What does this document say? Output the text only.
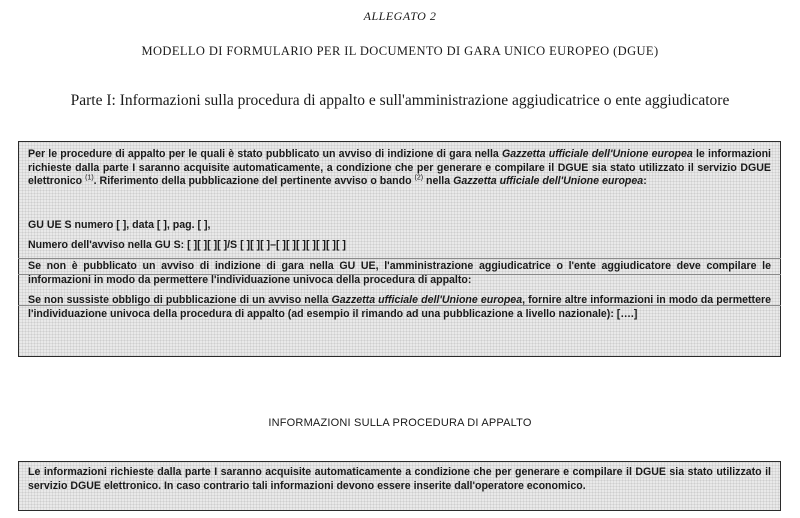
ALLEGATO 2
MODELLO DI FORMULARIO PER IL DOCUMENTO DI GARA UNICO EUROPEO (DGUE)
Parte I: Informazioni sulla procedura di appalto e sull'amministrazione aggiudicatrice o ente aggiudicatore

Per le procedure di appalto per le quali è stato pubblicato un avviso di indizione di gara nella Gazzetta ufficiale dell'Unione europea le informazioni richieste dalla parte I saranno acquisite automaticamente, a condizione che per generare e compilare il DGUE sia stato utilizzato il servizio DGUE elettronico $^{(1)}$. Riferimento della pubblicazione del pertinente avviso o bando $^{(2)}$ nella Gazzetta ufficiale dell'Unione europea:

GU UE S numero [ ], data [ ], pag. [ ],

Numero dell'avviso nella GU S: [ ][ ][ ][ ]/S [ ][ ][ ]–[ ][ ][ ][ ][ ][ ][ ]

Se non è pubblicato un avviso di indizione di gara nella GU UE, l'amministrazione aggiudicatrice o l'ente aggiudicatore deve compilare le informazioni in modo da permettere l'individuazione univoca della procedura di appalto:

Se non sussiste obbligo di pubblicazione di un avviso nella Gazzetta ufficiale dell'Unione europea, fornire altre informazioni in modo da permettere l'individuazione univoca della procedura di appalto (ad esempio il rimando ad una pubblicazione a livello nazionale): [….]

INFORMAZIONI SULLA PROCEDURA DI APPALTO

Le informazioni richieste dalla parte I saranno acquisite automaticamente a condizione che per generare e compilare il DGUE sia stato utilizzato il servizio DGUE elettronico. In caso contrario tali informazioni devono essere inserite dall'operatore economico.
